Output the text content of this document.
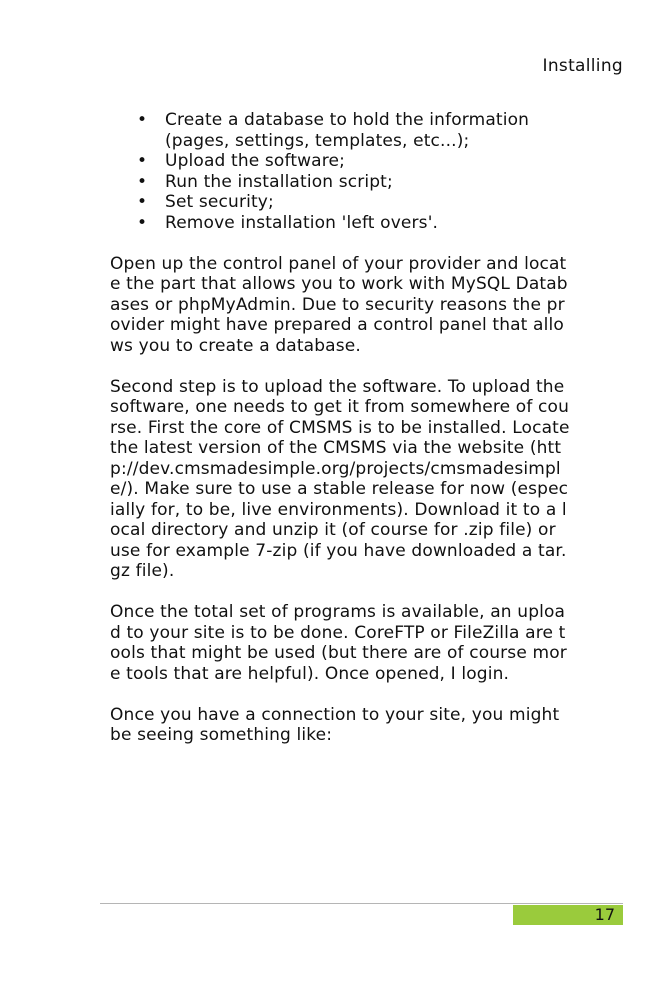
Installing
• Create a database to hold the information (pages, settings, templates, etc...);
• Upload the software;
• Run the installation script;
• Set security;
• Remove installation 'left overs'.

Open up the control panel of your provider and locate the part that allows you to work with MySQL Databases or phpMyAdmin. Due to security reasons the provider might have prepared a control panel that allows you to create a database.

Second step is to upload the software. To upload the software, one needs to get it from somewhere of course. First the core of CMSMS is to be installed. Locate the latest version of the CMSMS via the website (http://dev.cmsmadesimple.org/projects/cmsmadesimple/). Make sure to use a stable release for now (especially for, to be, live environments). Download it to a local directory and unzip it (of course for .zip file) or use for example 7-zip (if you have downloaded a tar.gz file).

Once the total set of programs is available, an upload to your site is to be done. CoreFTP or FileZilla are tools that might be used (but there are of course more tools that are helpful). Once opened, I login.

Once you have a connection to your site, you might be seeing something like:

17
